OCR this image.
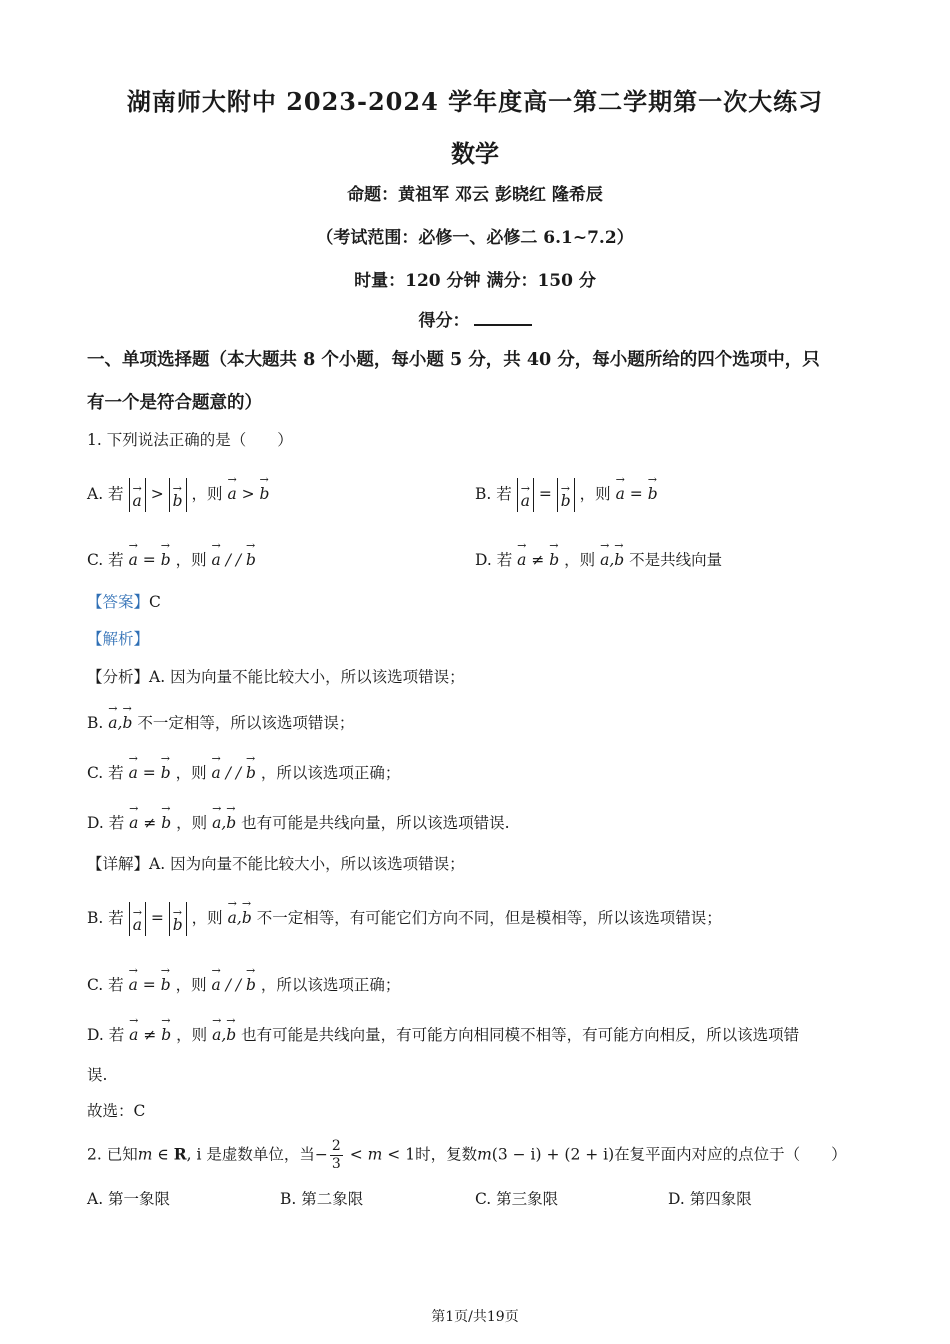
湖南师大附中 2023-2024 学年度高一第二学期第一次大练习
数学
命题：黄祖军 邓云 彭晓红 隆希辰
（考试范围：必修一、必修二 6.1~7.2）
时量：120 分钟 满分：150 分
得分：
一、单项选择题（本大题共 8 个小题，每小题 5 分，共 40 分，每小题所给的四个选项中，只
有一个是符合题意的）
1. 下列说法正确的是（　　）
A. 若 → a > → b ，则 → a > → b	B. 若 → a = → b ，则 → a = → b
C. 若 → a = → b ，则 → a / / → b	D. 若 → a ≠ → b ，则 → a,→ b 不是共线向量
【答案】C
【解析】
【分析】A. 因为向量不能比较大小，所以该选项错误；
B. → a,→ b 不一定相等，所以该选项错误；
C. 若 → a = → b ，则 → a / / → b ，所以该选项正确；
D. 若 → a ≠ → b ，则 → a,→ b 也有可能是共线向量，所以该选项错误.
【详解】A. 因为向量不能比较大小，所以该选项错误；
B. 若 → a = → b ，则 → a,→ b 不一定相等，有可能它们方向不同，但是模相等，所以该选项错误；
C. 若 → a = → b ，则 → a / / → b ，所以该选项正确；
D. 若 → a ≠ → b ，则 → a,→ b 也有可能是共线向量，有可能方向相同模不相等，有可能方向相反，所以该选项错
误.
故选：C
2. 已知m ∈ R, i 是虚数单位，当− $\frac{2}{3} < m < 1$时，复数m(3 − i) + (2 + i)在复平面内对应的点位于（　　）
A. 第一象限	B. 第二象限	C. 第三象限	D. 第四象限
第1页/共19页
